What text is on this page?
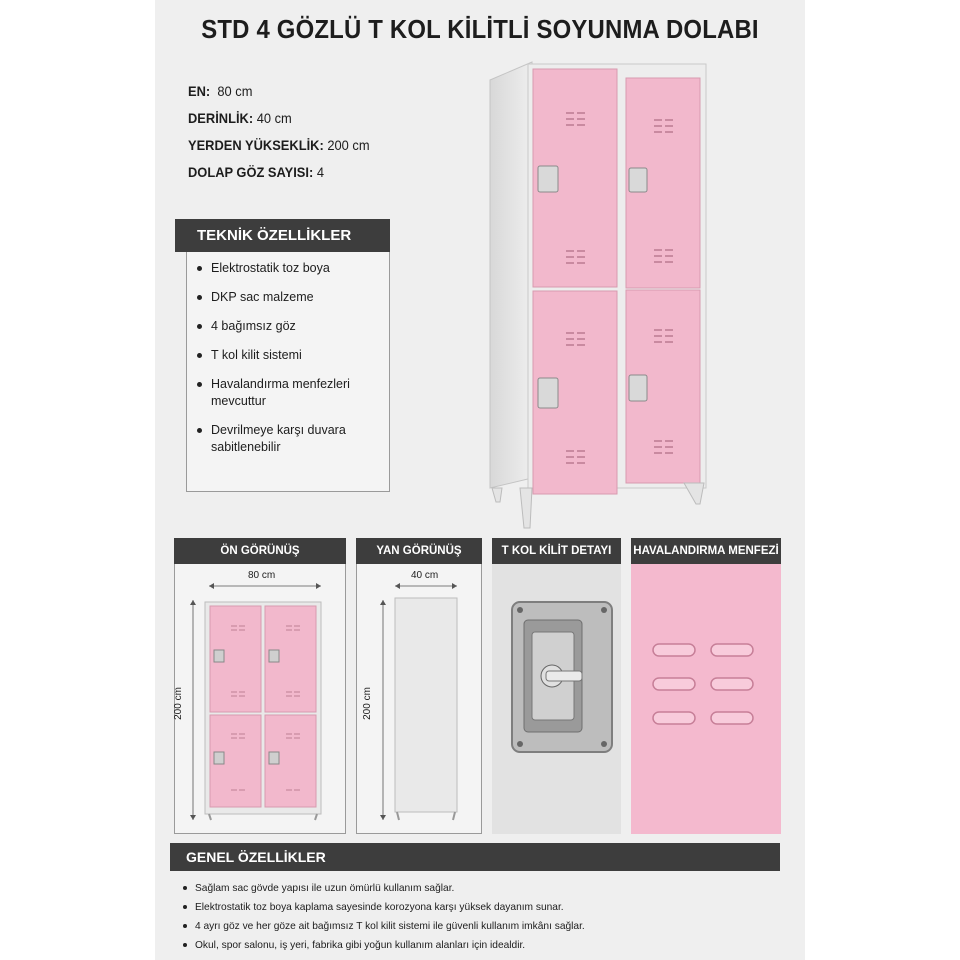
STD 4 GÖZLÜ T KOL KİLİTLİ SOYUNMA DOLABI
EN: 80 cm
DERİNLİK: 40 cm
YERDEN YÜKSEKLİK: 200 cm
DOLAP GÖZ SAYISI: 4
TEKNİK ÖZELLİKLER
Elektrostatik toz boya
DKP sac malzeme
4 bağımsız göz
T kol kilit sistemi
Havalandırma menfezleri mevcuttur
Devrilmeye karşı duvara sabitlenebilir
ÖN GÖRÜNÜŞ	YAN GÖRÜNÜŞ	T KOL KİLİT DETAYI	HAVALANDIRMA MENFEZİ
80 cm
200 cm
40 cm
200 cm
GENEL ÖZELLİKLER
Sağlam sac gövde yapısı ile uzun ömürlü kullanım sağlar.
Elektrostatik toz boya kaplama sayesinde korozyona karşı yüksek dayanım sunar.
4 ayrı göz ve her göze ait bağımsız T kol kilit sistemi ile güvenli kullanım imkânı sağlar.
Okul, spor salonu, iş yeri, fabrika gibi yoğun kullanım alanları için idealdir.
